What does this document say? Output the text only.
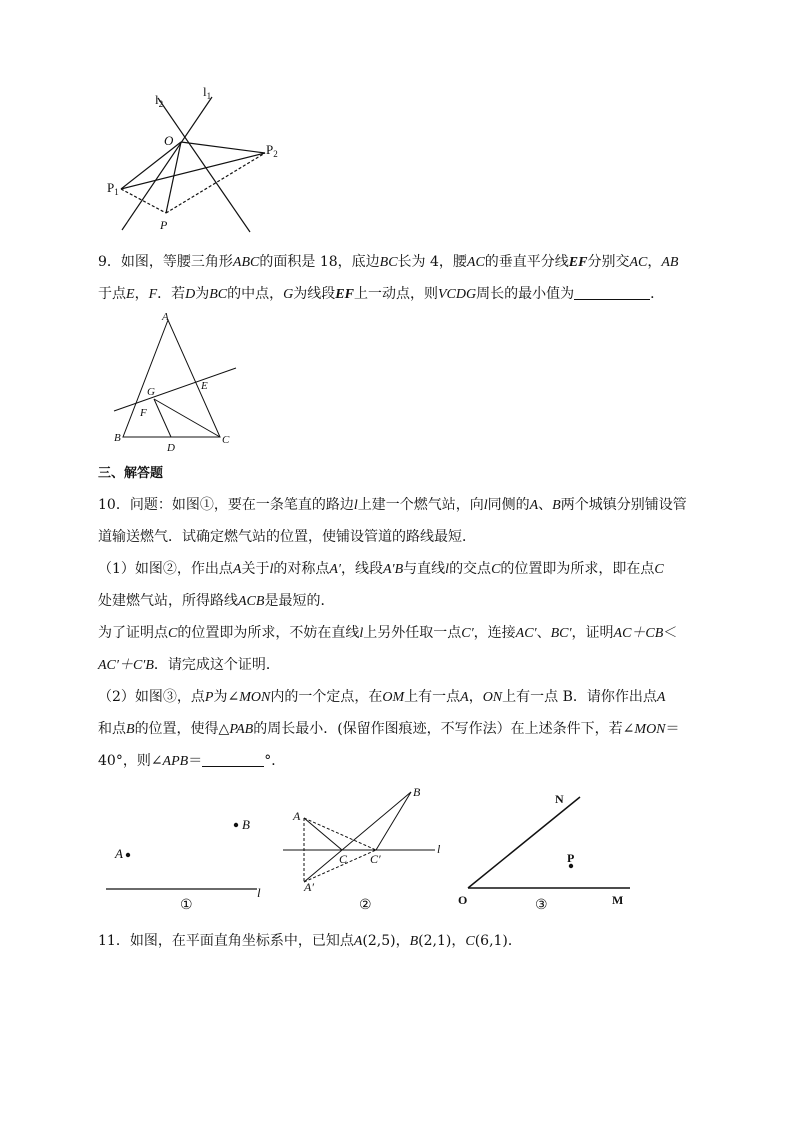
$l_2$
$l_1$
O
$P_2$
$P_1$
P
9．如图，等腰三角形ABC的面积是 18，底边BC长为 4，腰AC的垂直平分线EF分别交AC，AB
于点E，F．若D为BC的中点，G为线段EF上一动点，则VCDG周长的最小值为	．
A
B	C
D
E
F
G
三、解答题
10．问题：如图①，要在一条笔直的路边l上建一个燃气站，向l同侧的A、B两个城镇分别铺设管
道输送燃气．试确定燃气站的位置，使铺设管道的路线最短．
（1）如图②，作出点A关于l的对称点A′，线段A′B与直线l的交点C的位置即为所求，即在点C
处建燃气站，所得路线ACB是最短的．
为了证明点C的位置即为所求，不妨在直线l上另外任取一点C′，连接AC′、BC′，证明AC＋CB＜
AC′＋C′B．请完成这个证明．
（2）如图③，点P为∠MON内的一个定点，在OM上有一点A，ON上有一点 B．请你作出点A
和点B的位置，使得△PAB的周长最小．(保留作图痕迹，不写作法）在上述条件下，若∠MON＝
40°，则∠APB＝	°．
A
B
l
①
A
B
A′
C C′
l
②
N
P
O	M
③
11．如图，在平面直角坐标系中，已知点A(2,5)，B(2,1)，C(6,1)．
